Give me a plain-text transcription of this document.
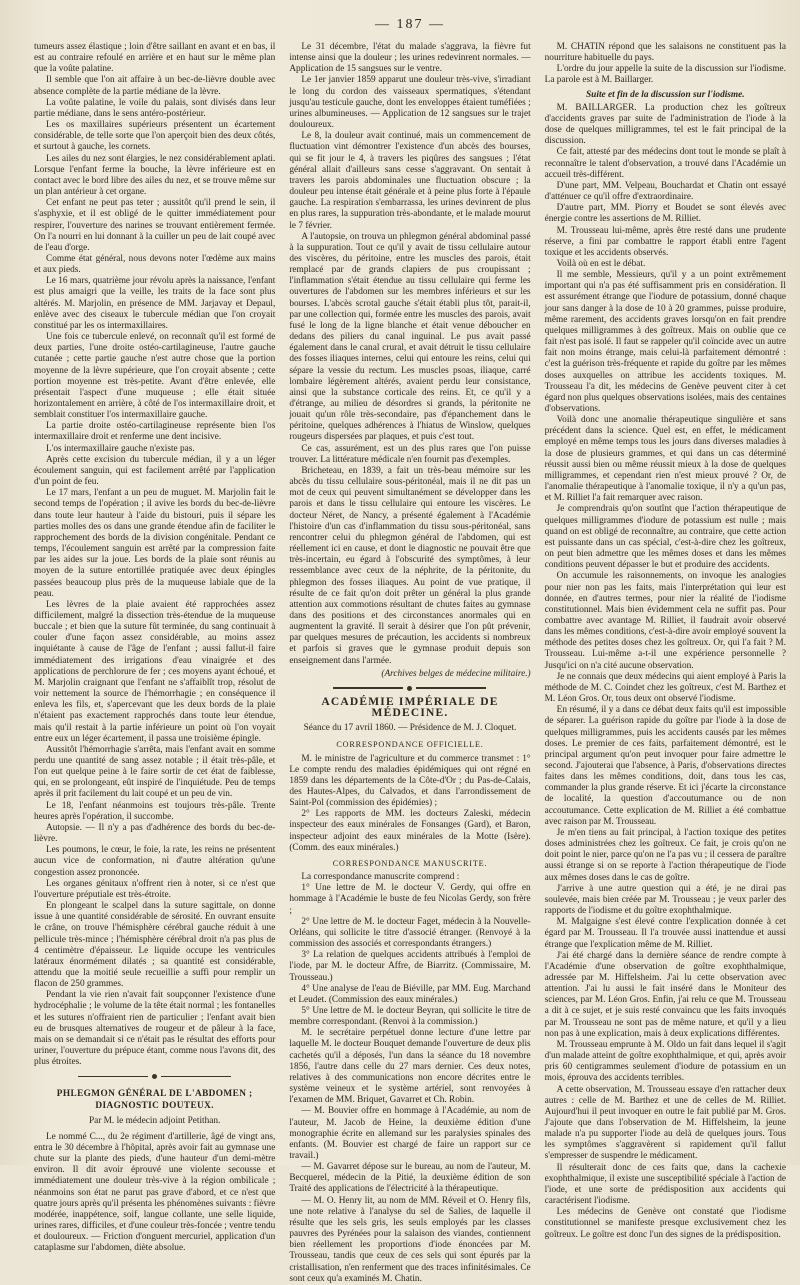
— 187 —

tumeurs assez élastique ; loin d'être saillant en avant et en bas, il est au contraire refoulé en arrière et en haut sur le même plan que la voûte palatine.

Il semble que l'on ait affaire à un bec-de-lièvre double avec absence complète de la partie médiane de la lèvre.

La voûte palatine, le voile du palais, sont divisés dans leur partie médiane, dans le sens antéro-postérieur.

Les os maxillaires supérieurs présentent un écartement considérable, de telle sorte que l'on aperçoit bien des deux côtés, et surtout à gauche, les cornets.

Les ailes du nez sont élargies, le nez considérablement aplati. Lorsque l'enfant ferme la bouche, la lèvre inférieure est en contact avec le bord libre des ailes du nez, et se trouve même sur un plan antérieur à cet organe.

Cet enfant ne peut pas teter ; aussitôt qu'il prend le sein, il s'asphyxie, et il est obligé de le quitter immédiatement pour respirer, l'ouverture des narines se trouvant entièrement fermée. On l'a nourri en lui donnant à la cuiller un peu de lait coupé avec de l'eau d'orge.

Comme état général, nous devons noter l'œdème aux mains et aux pieds.

Le 16 mars, quatrième jour révolu après la naissance, l'enfant est plus amaigri que la veille, les traits de la face sont plus altérés. M. Marjolin, en présence de MM. Jarjavay et Depaul, enlève avec des ciseaux le tubercule médian que l'on croyait constitué par les os intermaxillaires.

Une fois ce tubercule enlevé, on reconnaît qu'il est formé de deux parties, l'une droite ostéo-cartilagineuse, l'autre gauche cutanée ; cette partie gauche n'est autre chose que la portion moyenne de la lèvre supérieure, que l'on croyait absente ; cette portion moyenne est très-petite. Avant d'être enlevée, elle présentait l'aspect d'une muqueuse ; elle était située horizontalement en arrière, à côté de l'os intermaxillaire droit, et semblait constituer l'os intermaxillaire gauche.

La partie droite ostéo-cartilagineuse représente bien l'os intermaxillaire droit et renferme une dent incisive.

L'os intermaxillaire gauche n'existe pas.

Après cette excision du tubercule médian, il y a un léger écoulement sanguin, qui est facilement arrêté par l'application d'un point de feu.

Le 17 mars, l'enfant a un peu de muguet. M. Marjolin fait le second temps de l'opération ; il avive les bords du bec-de-lièvre dans toute leur hauteur à l'aide du bistouri, puis il sépare les parties molles des os dans une grande étendue afin de faciliter le rapprochement des bords de la division congénitale. Pendant ce temps, l'écoulement sanguin est arrêté par la compression faite par les aides sur la joue. Les bords de la plaie sont réunis au moyen de la suture entortillée pratiquée avec deux épingles passées beaucoup plus près de la muqueuse labiale que de la peau.

Les lèvres de la plaie avaient été rapprochées assez difficilement, malgré la dissection très-étendue de la muqueuse buccale ; et bien que la suture fût terminée, du sang continuait à couler d'une façon assez considérable, au moins assez inquiétante à cause de l'âge de l'enfant ; aussi fallut-il faire immédiatement des irrigations d'eau vinaigrée et des applications de perchlorure de fer ; ces moyens ayant échoué, et M. Marjolin craignant que l'enfant ne s'affaiblît trop, résolut de voir nettement la source de l'hémorrhagie ; en conséquence il enleva les fils, et, s'apercevant que les deux bords de la plaie n'étaient pas exactement rapprochés dans toute leur étendue, mais qu'il restait à la partie inférieure un point où l'on voyait entre eux un léger écartement, il passa une troisième épingle.

Aussitôt l'hémorrhagie s'arrêta, mais l'enfant avait en somme perdu une quantité de sang assez notable ; il était très-pâle, et l'on eut quelque peine à le faire sortir de cet état de faiblesse, qui, en se prolongeant, eût inspiré de l'inquiétude. Peu de temps après il prit facilement du lait coupé et un peu de vin.

Le 18, l'enfant néanmoins est toujours très-pâle. Trente heures après l'opération, il succombe.

Autopsie. — Il n'y a pas d'adhérence des bords du bec-de-lièvre.

Les poumons, le cœur, le foie, la rate, les reins ne présentent aucun vice de conformation, ni d'autre altération qu'une congestion assez prononcée.

Les organes génitaux n'offrent rien à noter, si ce n'est que l'ouverture préputiale est très-étroite.

En plongeant le scalpel dans la suture sagittale, on donne issue à une quantité considérable de sérosité. En ouvrant ensuite le crâne, on trouve l'hémisphère cérébral gauche réduit à une pellicule très-mince ; l'hémisphère cérébral droit n'a pas plus de 4 centimètre d'épaisseur. Le liquide occupe les ventricules latéraux énormément dilatés ; sa quantité est considérable, attendu que la moitié seule recueillie a suffi pour remplir un flacon de 250 grammes.

Pendant la vie rien n'avait fait soupçonner l'existence d'une hydrocéphalie ; le volume de la tête était normal ; les fontanelles et les sutures n'offraient rien de particulier ; l'enfant avait bien eu de brusques alternatives de rougeur et de pâleur à la face, mais on se demandait si ce n'était pas le résultat des efforts pour uriner, l'ouverture du prépuce étant, comme nous l'avons dit, des plus étroites.

PHLEGMON GÉNÉRAL DE L'ABDOMEN ; DIAGNOSTIC DOUTEUX.
Par M. le médecin adjoint Petithan.

Le nommé C..., du 2e régiment d'artillerie, âgé de vingt ans, entra le 30 décembre à l'hôpital, après avoir fait au gymnase une chute sur la plante des pieds, d'une hauteur d'un demi-mètre environ. Il dit avoir éprouvé une violente secousse et immédiatement une douleur très-vive à la région ombilicale ; néanmoins son état ne parut pas grave d'abord, et ce n'est que quatre jours après qu'il présenta les phénomènes suivants : fièvre modérée, inappétence, soif, langue collante, une selle liquide, urines rares, difficiles, et d'une couleur très-foncée ; ventre tendu et douloureux. — Friction d'onguent mercuriel, application d'un cataplasme sur l'abdomen, diète absolue.

Le 31 décembre, l'état du malade s'aggrava, la fièvre fut intense ainsi que la douleur ; les urines redevinrent normales. — Application de 15 sangsues sur le ventre.

Le 1er janvier 1859 apparut une douleur très-vive, s'irradiant le long du cordon des vaisseaux spermatiques, s'étendant jusqu'au testicule gauche, dont les enveloppes étaient tuméfiées ; urines albumineuses. — Application de 12 sangsues sur le trajet douloureux.

Le 8, la douleur avait continué, mais un commencement de fluctuation vint démontrer l'existence d'un abcès des bourses, qui se fit jour le 4, à travers les piqûres des sangsues ; l'état général allait d'ailleurs sans cesse s'aggravant. On sentait à travers les parois abdominales une fluctuation obscure ; la douleur peu intense était générale et à peine plus forte à l'épaule gauche. La respiration s'embarrassa, les urines devinrent de plus en plus rares, la suppuration très-abondante, et le malade mourut le 7 février.

A l'autopsie, on trouva un phlegmon général abdominal passé à la suppuration. Tout ce qu'il y avait de tissu cellulaire autour des viscères, du péritoine, entre les muscles des parois, était remplacé par de grands clapiers de pus croupissant ; l'inflammation s'était étendue au tissu cellulaire qui ferme les ouvertures de l'abdomen sur les membres inférieurs et sur les bourses. L'abcès scrotal gauche s'était établi plus tôt, parait-il, par une collection qui, formée entre les muscles des parois, avait fusé le long de la ligne blanche et était venue déboucher en dedans des piliers du canal inguinal. Le pus avait passé également dans le canal crural, et avait détruit le tissu cellulaire des fosses iliaques internes, celui qui entoure les reins, celui qui sépare la vessie du rectum. Les muscles psoas, iliaque, carré lombaire légèrement altérés, avaient perdu leur consistance, ainsi que la substance corticale des reins. Et, ce qu'il y a d'étrange, au milieu de désordres si grands, la péritonite ne jouait qu'un rôle très-secondaire, pas d'épanchement dans le péritoine, quelques adhérences à l'hiatus de Winslow, quelques rougeurs dispersées par plaques, et puis c'est tout.

Ce cas, assurément, est un des plus rares que l'on puisse trouver. La littérature médicale n'en fournit pas d'exemples.

Bricheteau, en 1839, a fait un très-beau mémoire sur les abcès du tissu cellulaire sous-péritonéal, mais il ne dit pas un mot de ceux qui peuvent simultanément se développer dans les parois et dans le tissu cellulaire qui entoure les viscères. Le docteur Néret, de Nancy, a présenté également à l'Académie l'histoire d'un cas d'inflammation du tissu sous-péritonéal, sans rencontrer celui du phlegmon général de l'abdomen, qui est réellement ici en cause, et dont le diagnostic ne pouvait être que très-incertain, eu égard à l'obscurité des symptômes, à leur ressemblance avec ceux de la néphrite, de la péritonite, du phlegmon des fosses iliaques. Au point de vue pratique, il résulte de ce fait qu'on doit prêter un général la plus grande attention aux commotions résultant de chutes faites au gymnase dans des positions et des circonstances anormales qui en augmentent la gravité. Il serait à désirer que l'on pût prévenir, par quelques mesures de précaution, les accidents si nombreux et parfois si graves que le gymnase produit depuis son enseignement dans l'armée.

(Archives belges de médecine militaire.)
ACADÉMIE IMPÉRIALE DE MÉDECINE.
Séance du 17 avril 1860. — Présidence de M. J. Cloquet.
CORRESPONDANCE OFFICIELLE.

M. le ministre de l'agriculture et du commerce transmet : 1° Le compte rendu des maladies épidémiques qui ont régné en 1859 dans les départements de la Côte-d'Or ; du Pas-de-Calais, des Hautes-Alpes, du Calvados, et dans l'arrondissement de Saint-Pol (commission des épidémies) ;

2° Les rapports de MM. les docteurs Zaleski, médecin inspecteur des eaux minérales de Fonsanges (Gard), et Baron, inspecteur adjoint des eaux minérales de la Motte (Isère). (Comm. des eaux minérales.)

CORRESPONDANCE MANUSCRITE.

La correspondance manuscrite comprend :

1° Une lettre de M. le docteur V. Gerdy, qui offre en hommage à l'Académie le buste de feu Nicolas Gerdy, son frère ;

2° Une lettre de M. le docteur Faget, médecin à la Nouvelle-Orléans, qui sollicite le titre d'associé étranger. (Renvoyé à la commission des associés et correspondants étrangers.)

3° La relation de quelques accidents attribués à l'emploi de l'iode, par M. le docteur Affre, de Biarritz. (Commissaire, M. Trousseau.)

4° Une analyse de l'eau de Biéville, par MM. Eug. Marchand et Leudet. (Commission des eaux minérales.)

5° Une lettre de M. le docteur Beyran, qui sollicite le titre de membre correspondant. (Renvoi à la commission.)

M. le secrétaire perpétuel donne lecture d'une lettre par laquelle M. le docteur Bouquet demande l'ouverture de deux plis cachetés qu'il a déposés, l'un dans la séance du 18 novembre 1856, l'autre dans celle du 27 mars dernier. Ces deux notes, relatives à des communications non encore décrites entre le système veineux et le système artériel, sont renvoyées à l'examen de MM. Briquet, Gavarret et Ch. Robin.

— M. Bouvier offre en hommage à l'Académie, au nom de l'auteur, M. Jacob de Heine, la deuxième édition d'une monographie écrite en allemand sur les paralysies spinales des enfants. (M. Bouvier est chargé de faire un rapport sur ce travail.)

— M. Gavarret dépose sur le bureau, au nom de l'auteur, M. Becquerel, médecin de la Pitié, la deuxième édition de son Traité des applications de l'électricité à la thérapeutique.

— M. O. Henry lit, au nom de MM. Réveil et O. Henry fils, une note relative à l'analyse du sel de Salies, de laquelle il résulte que les sels gris, les seuls employés par les classes pauvres des Pyrénées pour la salaison des viandes, contiennent bien réellement les proportions d'iode énoncées par M. Trousseau, tandis que ceux de ces sels qui sont épurés par la cristallisation, n'en renferment que des traces infinitésimales. Ce sont ceux qu'a examinés M. Chatin.

M. CHATIN répond que les salaisons ne constituent pas la nourriture habituelle du pays.

L'ordre du jour appelle la suite de la discussion sur l'iodisme. La parole est à M. Baillarger.

Suite et fin de la discussion sur l'iodisme.

M. BAILLARGER. La production chez les goîtreux d'accidents graves par suite de l'administration de l'iode à la dose de quelques milligrammes, tel est le fait principal de la discussion.

Ce fait, attesté par des médecins dont tout le monde se plaît à reconnaître le talent d'observation, a trouvé dans l'Académie un accueil très-différent.

D'une part, MM. Velpeau, Bouchardat et Chatin ont essayé d'atténuer ce qu'il offre d'extraordinaire.

D'autre part, MM. Piorry et Boudet se sont élevés avec énergie contre les assertions de M. Rilliet.

M. Trousseau lui-même, après être resté dans une prudente réserve, a fini par combattre le rapport établi entre l'agent toxique et les accidents observés.

Voilà où en est le débat.

Il me semble, Messieurs, qu'il y a un point extrêmement important qui n'a pas été suffisamment pris en considération. Il est assurément étrange que l'iodure de potassium, donné chaque jour sans danger à la dose de 10 à 20 grammes, puisse produire, même rarement, des accidents graves lorsqu'on en fait prendre quelques milligrammes à des goîtreux. Mais on oublie que ce fait n'est pas isolé. Il faut se rappeler qu'il coïncide avec un autre fait non moins étrange, mais celui-là parfaitement démontré : c'est la guérison très-fréquente et rapide du goître par les mêmes doses auxquelles on attribue les accidents toxiques. M. Trousseau l'a dit, les médecins de Genève peuvent citer à cet égard non plus quelques observations isolées, mais des centaines d'observations.

Voilà donc une anomalie thérapeutique singulière et sans précédent dans la science. Quel est, en effet, le médicament employé en même temps tous les jours dans diverses maladies à la dose de plusieurs grammes, et qui dans un cas déterminé réussit aussi bien ou même réussit mieux à la dose de quelques milligrammes, et cependant rien n'est mieux prouvé ? Or, de l'anomalie thérapeutique à l'anomalie toxique, il n'y a qu'un pas, et M. Rilliet l'a fait remarquer avec raison.

Je comprendrais qu'on soutînt que l'action thérapeutique de quelques milligrammes d'iodure de potassium est nulle ; mais quand on est obligé de reconnaître, au contraire, que cette action est puissante dans un cas spécial, c'est-à-dire chez les goîtreux, on peut bien admettre que les mêmes doses et dans les mêmes conditions peuvent dépasser le but et produire des accidents.

On accumule les raisonnements, on invoque les analogies pour nier non pas les faits, mais l'interprétation qui leur est donnée, en d'autres termes, pour nier la réalité de l'iodisme constitutionnel. Mais bien évidemment cela ne suffit pas. Pour combattre avec avantage M. Rilliet, il faudrait avoir observé dans les mêmes conditions, c'est-à-dire avoir employé souvent la méthode des petites doses chez les goîtreux. Or, qui l'a fait ? M. Trousseau. Lui-même a-t-il une expérience personnelle ? Jusqu'ici on n'a cité aucune observation.

Je ne connais que deux médecins qui aient employé à Paris la méthode de M. C. Coindet chez les goîtreux, c'est M. Barthez et M. Léon Gros. Or, tous deux ont observé l'iodisme.

En résumé, il y a dans ce débat deux faits qu'il est impossible de séparer. La guérison rapide du goître par l'iode à la dose de quelques milligrammes, puis les accidents causés par les mêmes doses. Le premier de ces faits, parfaitement démontré, est le principal argument qu'on peut invoquer pour faire admettre le second. J'ajouterai que l'absence, à Paris, d'observations directes faites dans les mêmes conditions, doit, dans tous les cas, commander la plus grande réserve. Et ici j'écarte la circonstance de localité, la question d'accoutumance ou de non accoutumance. Cette explication de M. Rilliet a été combattue avec raison par M. Trousseau.

Je m'en tiens au fait principal, à l'action toxique des petites doses administrées chez les goîtreux. Ce fait, je crois qu'on ne doit point le nier, parce qu'on ne l'a pas vu ; il cessera de paraître aussi étrange si on se reporte à l'action thérapeutique de l'iode aux mêmes doses dans le cas de goître.

J'arrive à une autre question qui a été, je ne dirai pas soulevée, mais bien créée par M. Trousseau ; je veux parler des rapports de l'iodisme et du goître exophthalmique.

M. Malgaigne s'est élevé contre l'explication donnée à cet égard par M. Trousseau. Il l'a trouvée aussi inattendue et aussi étrange que l'explication même de M. Rilliet.

J'ai été chargé dans la dernière séance de rendre compte à l'Académie d'une observation de goître exophthalmique, adressée par M. Hiffelsheim. J'ai lu cette observation avec attention. J'ai lu aussi le fait inséré dans le Moniteur des sciences, par M. Léon Gros. Enfin, j'ai relu ce que M. Trousseau a dit à ce sujet, et je suis resté convaincu que les faits invoqués par M. Trousseau ne sont pas de même nature, et qu'il y a lieu non pas à une explication, mais à deux explications différentes.

M. Trousseau emprunte à M. Oldo un fait dans lequel il s'agit d'un malade atteint de goître exophthalmique, et qui, après avoir pris 60 centigrammes seulement d'iodure de potassium en un mois, éprouva des accidents terribles.

A cette observation, M. Trousseau essaye d'en rattacher deux autres : celle de M. Barthez et une de celles de M. Rilliet. Aujourd'hui il peut invoquer en outre le fait publié par M. Gros. J'ajoute que dans l'observation de M. Hiffelsheim, la jeune malade n'a pu supporter l'iode au delà de quelques jours. Tous les symptômes s'aggravèrent si rapidement qu'il fallut s'empresser de suspendre le médicament.

Il résulterait donc de ces faits que, dans la cachexie exophthalmique, il existe une susceptibilité spéciale à l'action de l'iode, et une sorte de prédisposition aux accidents qui caractérisent l'iodisme.

Les médecins de Genève ont constaté que l'iodisme constitutionnel se manifeste presque exclusivement chez les goîtreux. Le goître est donc l'un des signes de la prédisposition.
